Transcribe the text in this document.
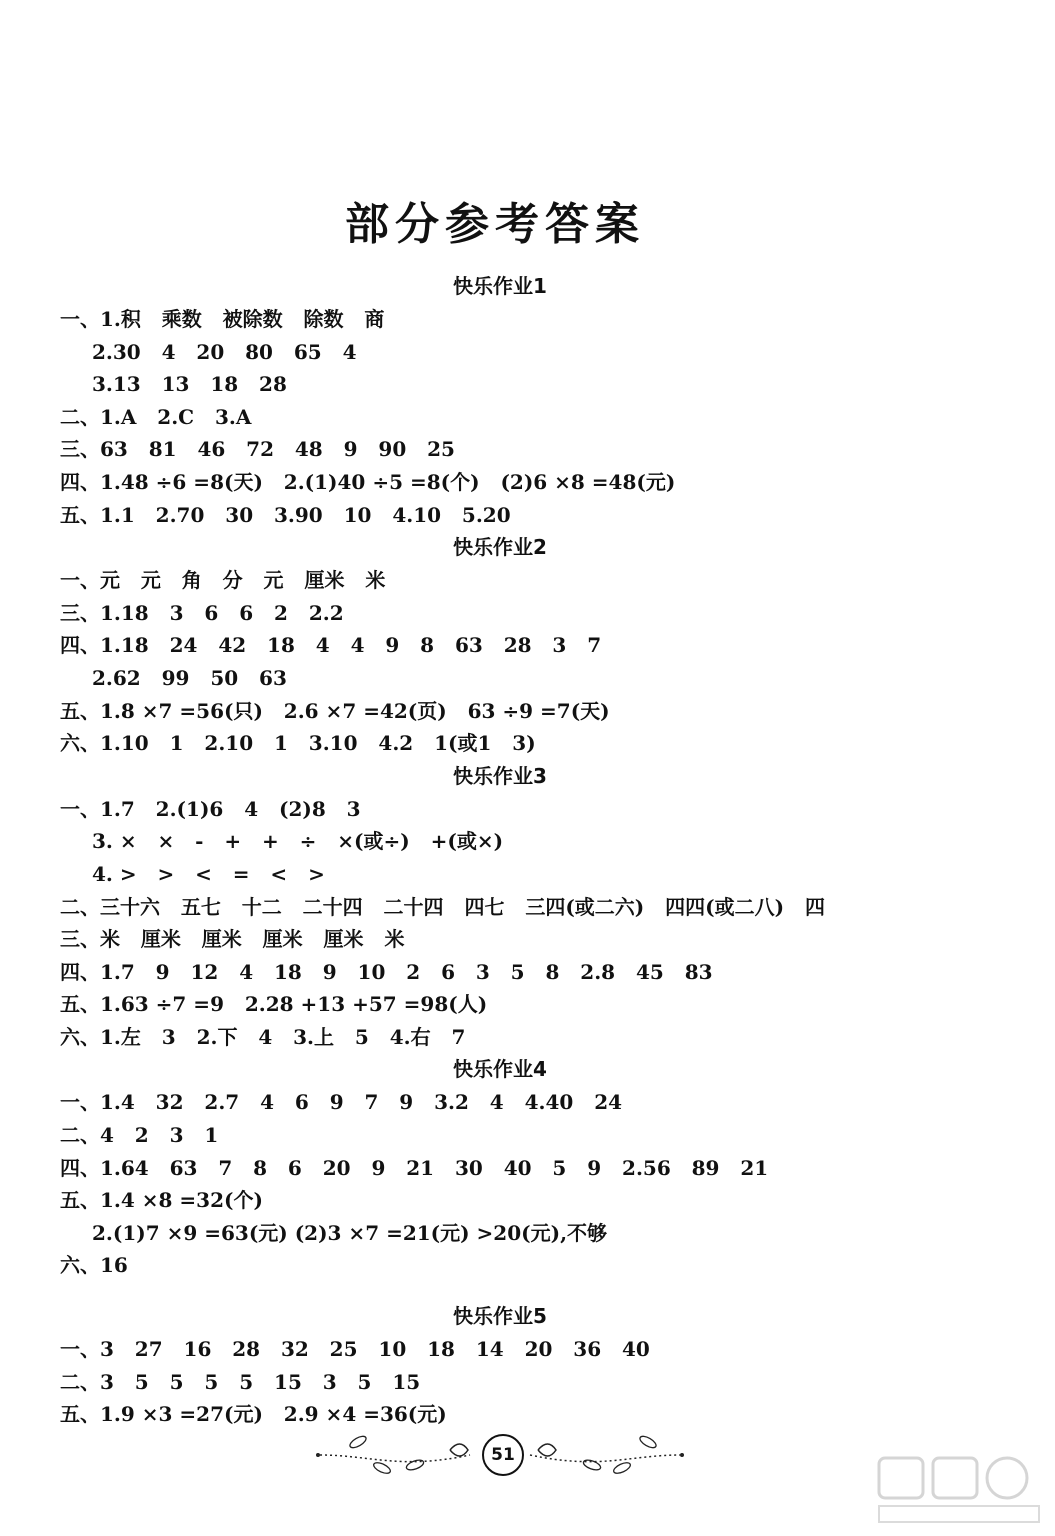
部分参考答案
快乐作业1
一、1.积   乘数   被除数   除数   商
2.30   4   20   80   65   4
3.13   13   18   28
二、1.A   2.C   3.A
三、63   81   46   72   48   9   90   25
四、1.48 ÷6 =8(天)   2.(1)40 ÷5 =8(个)   (2)6 ×8 =48(元)
五、1.1   2.70   30   3.90   10   4.10   5.20
快乐作业2
一、元   元   角   分   元   厘米   米
三、1.18   3   6   6   2   2.2
四、1.18   24   42   18   4   4   9   8   63   28   3   7
2.62   99   50   63
五、1.8 ×7 =56(只)   2.6 ×7 =42(页)   63 ÷9 =7(天)
六、1.10   1   2.10   1   3.10   4.2   1(或1   3)
快乐作业3
一、1.7   2.(1)6   4   (2)8   3
3. ×   ×   -   +   +   ÷   ×(或÷)   +(或×)
4. >   >   <   =   <   >
二、三十六   五七   十二   二十四   二十四   四七   三四(或二六)   四四(或二八)   四
三、米   厘米   厘米   厘米   厘米   米
四、1.7   9   12   4   18   9   10   2   6   3   5   8   2.8   45   83
五、1.63 ÷7 =9   2.28 +13 +57 =98(人)
六、1.左   3   2.下   4   3.上   5   4.右   7
快乐作业4
一、1.4   32   2.7   4   6   9   7   9   3.2   4   4.40   24
二、4   2   3   1
四、1.64   63   7   8   6   20   9   21   30   40   5   9   2.56   89   21
五、1.4 ×8 =32(个)
2.(1)7 ×9 =63(元) (2)3 ×7 =21(元) >20(元),不够
六、16
快乐作业5
一、3   27   16   28   32   25   10   18   14   20   36   40
二、3   5   5   5   5   15   3   5   15
五、1.9 ×3 =27(元)   2.9 ×4 =36(元)
51
